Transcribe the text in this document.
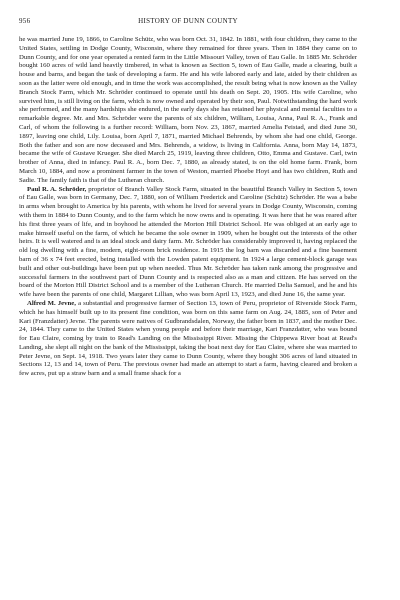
956	HISTORY OF DUNN COUNTY

he was married June 19, 1866, to Caroline Schütz, who was born Oct. 31, 1842. In 1881, with four children, they came to the United States, settling in Dodge County, Wisconsin, where they remained for three years. Then in 1884 they came on to Dunn County, and for one year operated a rented farm in the Little Missouri Valley, town of Eau Galle. In 1885 Mr. Schröder bought 160 acres of wild land heavily timbered, in what is known as Section 5, town of Eau Galle, made a clearing, built a house and barns, and began the task of developing a farm. He and his wife labored early and late, aided by their children as soon as the latter were old enough, and in time the work was accomplished, the result being what is now known as the Valley Branch Stock Farm, which Mr. Schröder continued to operate until his death on Sept. 20, 1905. His wife Caroline, who survived him, is still living on the farm, which is now owned and operated by their son, Paul. Notwithstanding the hard work she performed, and the many hardships she endured, in the early days she has retained her physical and mental faculties to a remarkable degree. Mr. and Mrs. Schröder were the parents of six children, William, Louisa, Anna, Paul R. A., Frank and Carl, of whom the following is a further record: William, born Nov. 23, 1867, married Amelia Feistad, and died June 30, 1897, leaving one child, Lily. Louisa, born April 7, 1871, married Michael Behrends, by whom she had one child, George. Both the father and son are now deceased and Mrs. Behrends, a widow, is living in California. Anna, born May 14, 1873, became the wife of Gustave Krueger. She died March 25, 1919, leaving three children, Otto, Emma and Gustave. Carl, twin brother of Anna, died in infancy. Paul R. A., born Dec. 7, 1880, as already stated, is on the old home farm. Frank, born March 10, 1884, and now a prominent farmer in the town of Weston, married Phoebe Hoyt and has two children, Ruth and Sadie. The family faith is that of the Lutheran church.

Paul R. A. Schröder, proprietor of Branch Valley Stock Farm, situated in the beautiful Branch Valley in Section 5, town of Eau Galle, was born in Germany, Dec. 7, 1880, son of William Frederick and Caroline (Schütz) Schröder. He was a babe in arms when brought to America by his parents, with whom he lived for several years in Dodge County, Wisconsin, coming with them in 1884 to Dunn County, and to the farm which he now owns and is operating. It was here that he was reared after his first three years of life, and in boyhood he attended the Morton Hill District School. He was obliged at an early age to make himself useful on the farm, of which he became the sole owner in 1909, when he bought out the interests of the other heirs. It is well watered and is an ideal stock and dairy farm. Mr. Schröder has considerably improved it, having replaced the old log dwelling with a fine, modern, eight-room brick residence. In 1915 the log barn was discarded and a fine basement barn of 36 x 74 feet erected, being installed with the Lowden patent equipment. In 1924 a large cement-block garage was built and other out-buildings have been put up when needed. Thus Mr. Schröder has taken rank among the progressive and successful farmers in the southwest part of Dunn County and is respected also as a man and citizen. He has served on the board of the Morton Hill District School and is a member of the Lutheran Church. He married Delia Samuel, and he and his wife have been the parents of one child, Margaret Lillian, who was born April 13, 1923, and died June 16, the same year.

Alfred M. Jevne, a substantial and progressive farmer of Section 13, town of Peru, proprietor of Riverside Stock Farm, which he has himself built up to its present fine condition, was born on this same farm on Aug. 24, 1885, son of Peter and Kari (Franzdatter) Jevne. The parents were natives of Gudbrandsdalen, Norway, the father born in 1837, and the mother Dec. 24, 1844. They came to the United States when young people and before their marriage, Kari Franzdatter, who was bound for Eau Claire, coming by train to Read's Landing on the Mississippi River. Missing the Chippewa River boat at Read's Landing, she slept all night on the bank of the Mississippi, taking the boat next day for Eau Claire, where she was married to Peter Jevne, on Sept. 14, 1918. Two years later they came to Dunn County, where they bought 306 acres of land situated in Sections 12, 13 and 14, town of Peru. The previous owner had made an attempt to start a farm, having cleared and broken a few acres, put up a straw barn and a small frame shack for a
